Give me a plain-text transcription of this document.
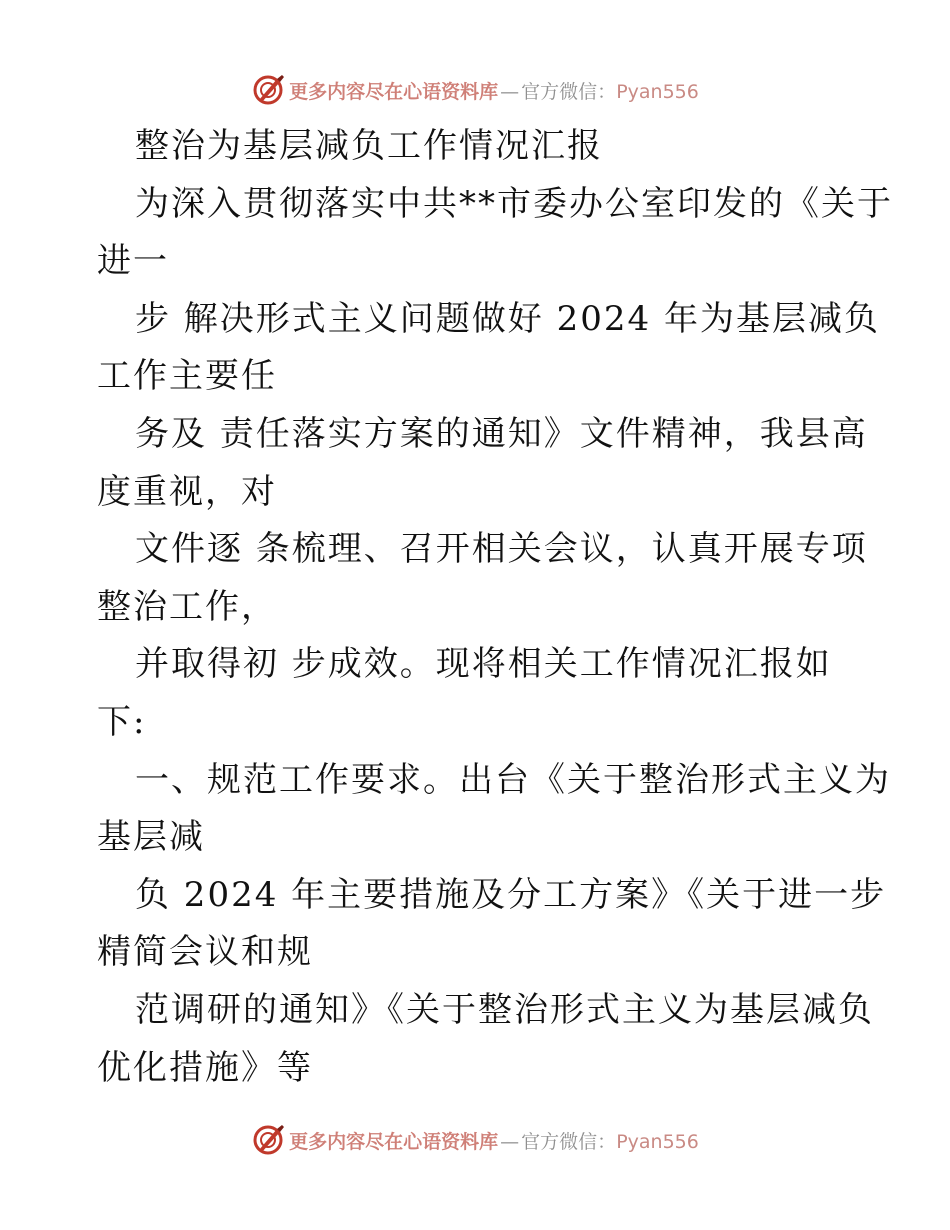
更多内容尽在心语资料库 — 官方微信：Pyan556
整治为基层减负工作情况汇报
为深入贯彻落实中共**市委办公室印发的《关于
进一
步 解决形式主义问题做好 2024 年为基层减负
工作主要任
务及 责任落实方案的通知》文件精神，我县高
度重视，对
文件逐 条梳理、召开相关会议，认真开展专项
整治工作，
并取得初 步成效。现将相关工作情况汇报如
下:
一、规范工作要求。出台《关于整治形式主义为
基层减
负 2024 年主要措施及分工方案》《关于进一步
精简会议和规
范调研的通知》《关于整治形式主义为基层减负
优化措施》等
更多内容尽在心语资料库 — 官方微信：Pyan556
